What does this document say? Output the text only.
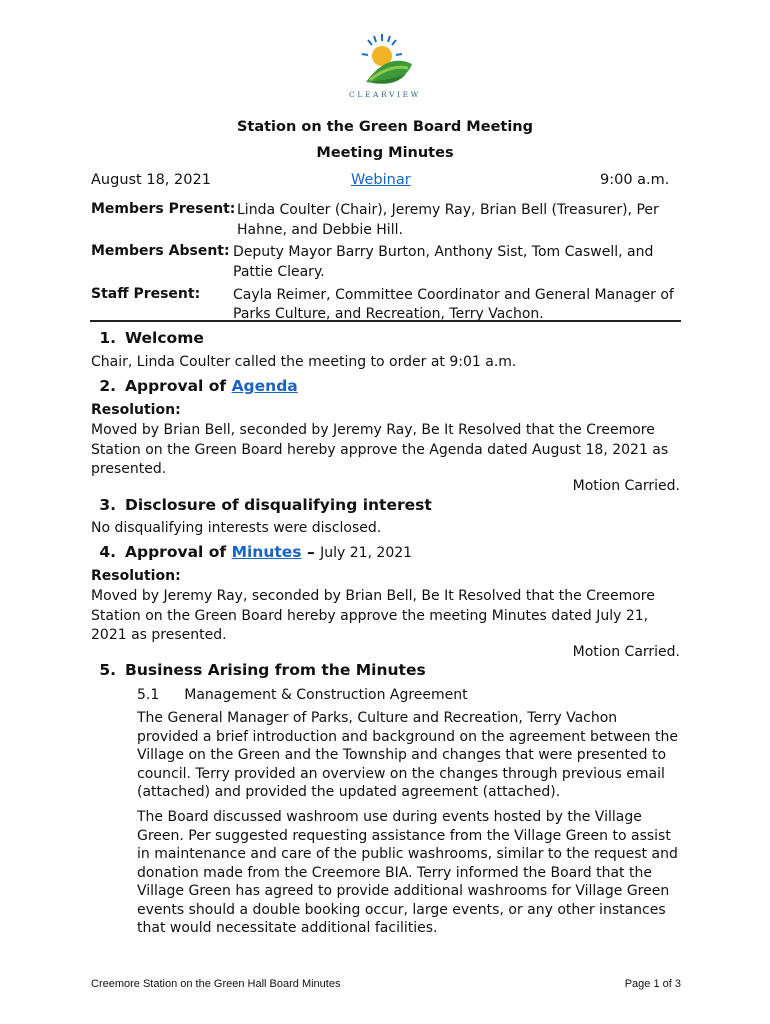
CLEARVIEW
Station on the Green Board Meeting
Meeting Minutes
August 18, 2021	Webinar	9:00 a.m.
Members Present: Linda Coulter (Chair), Jeremy Ray, Brian Bell (Treasurer), Per
Hahne, and Debbie Hill.
Members Absent: Deputy Mayor Barry Burton, Anthony Sist, Tom Caswell, and
Pattie Cleary.
Staff Present: Cayla Reimer, Committee Coordinator and General Manager of
Parks Culture, and Recreation, Terry Vachon.
1. Welcome
Chair, Linda Coulter called the meeting to order at 9:01 a.m.
2. Approval of Agenda
Resolution:
Moved by Brian Bell, seconded by Jeremy Ray, Be It Resolved that the Creemore
Station on the Green Board hereby approve the Agenda dated August 18, 2021 as
presented.
Motion Carried.
3. Disclosure of disqualifying interest
No disqualifying interests were disclosed.
4. Approval of Minutes – July 21, 2021
Resolution:
Moved by Jeremy Ray, seconded by Brian Bell, Be It Resolved that the Creemore
Station on the Green Board hereby approve the meeting Minutes dated July 21,
2021 as presented.
Motion Carried.
5. Business Arising from the Minutes
5.1 Management & Construction Agreement
The General Manager of Parks, Culture and Recreation, Terry Vachon
provided a brief introduction and background on the agreement between the
Village on the Green and the Township and changes that were presented to
council. Terry provided an overview on the changes through previous email
(attached) and provided the updated agreement (attached).
The Board discussed washroom use during events hosted by the Village
Green. Per suggested requesting assistance from the Village Green to assist
in maintenance and care of the public washrooms, similar to the request and
donation made from the Creemore BIA. Terry informed the Board that the
Village Green has agreed to provide additional washrooms for Village Green
events should a double booking occur, large events, or any other instances
that would necessitate additional facilities.
Creemore Station on the Green Hall Board Minutes	Page 1 of 3
